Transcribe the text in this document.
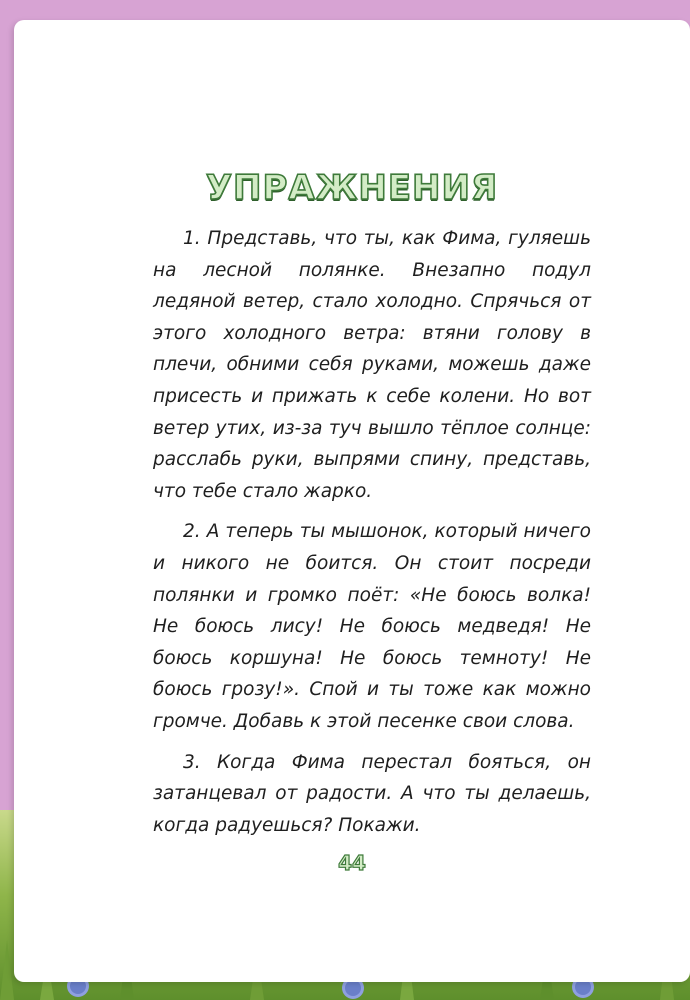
УПРАЖНЕНИЯ

1. Представь, что ты, как Фима, гуляешь на лесной полянке. Внезапно подул ледяной ветер, стало холодно. Спрячься от этого холодного ветра: втяни голову в плечи, обними себя руками, можешь даже присесть и прижать к себе колени. Но вот ветер утих, из-за туч вышло тёплое солнце: расслабь руки, выпрями спину, представь, что тебе стало жарко.

2. А теперь ты мышонок, который ничего и никого не боится. Он стоит посреди полянки и громко поёт: «Не боюсь волка! Не боюсь лису! Не боюсь медведя! Не боюсь коршуна! Не боюсь темноту! Не боюсь грозу!». Спой и ты тоже как можно громче. Добавь к этой песенке свои слова.

3. Когда Фима перестал бояться, он затанцевал от радости. А что ты делаешь, когда радуешься? Покажи.

44
